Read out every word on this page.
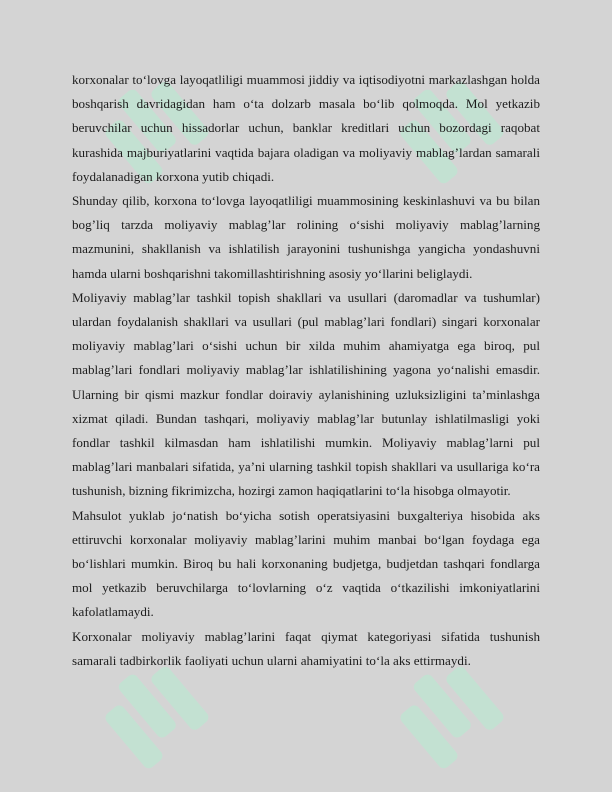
korxonalar to‘lovga layoqatliligi muammosi jiddiy va iqtisodiyotni markazlashgan holda boshqarish davridagidan ham o‘ta dolzarb masala bo‘lib qolmoqda. Mol yetkazib beruvchilar uchun hissadorlar uchun, banklar kreditlari uchun bozordagi raqobat kurashida majburiyatlarini vaqtida bajara oladigan va moliyaviy mablag’lardan samarali foydalanadigan korxona yutib chiqadi.

Shunday qilib, korxona to‘lovga layoqatliligi muammosining keskinlashuvi va bu bilan bog’liq tarzda moliyaviy mablag’lar rolining o‘sishi moliyaviy mablag’larning mazmunini, shakllanish va ishlatilish jarayonini tushunishga yangicha yondashuvni hamda ularni boshqarishni takomillashtirishning asosiy yo‘llarini beliglaydi.

Moliyaviy mablag’lar tashkil topish shakllari va usullari (daromadlar va tushumlar) ulardan foydalanish shakllari va usullari (pul mablag’lari fondlari) singari korxonalar moliyaviy mablag’lari o‘sishi uchun bir xilda muhim ahamiyatga ega biroq, pul mablag’lari fondlari moliyaviy mablag’lar ishlatilishining yagona yo‘nalishi emasdir. Ularning bir qismi mazkur fondlar doiraviy aylanishining uzluksizligini ta’minlashga xizmat qiladi. Bundan tashqari, moliyaviy mablag’lar butunlay ishlatilmasligi yoki fondlar tashkil kilmasdan ham ishlatilishi mumkin. Moliyaviy mablag’larni pul mablag’lari manbalari sifatida, ya’ni ularning tashkil topish shakllari va usullariga ko‘ra tushunish, bizning fikrimizcha, hozirgi zamon haqiqatlarini to‘la hisobga olmayotir.

Mahsulot yuklab jo‘natish bo‘yicha sotish operatsiyasini buxgalteriya hisobida aks ettiruvchi korxonalar moliyaviy mablag’larini muhim manbai bo‘lgan foydaga ega bo‘lishlari mumkin. Biroq bu hali korxonaning budjetga, budjetdan tashqari fondlarga mol yetkazib beruvchilarga to‘lovlarning o‘z vaqtida o‘tkazilishi imkoniyatlarini kafolatlamaydi.

Korxonalar moliyaviy mablag’larini faqat qiymat kategoriyasi sifatida tushunish samarali tadbirkorlik faoliyati uchun ularni ahamiyatini to‘la aks ettirmaydi.
